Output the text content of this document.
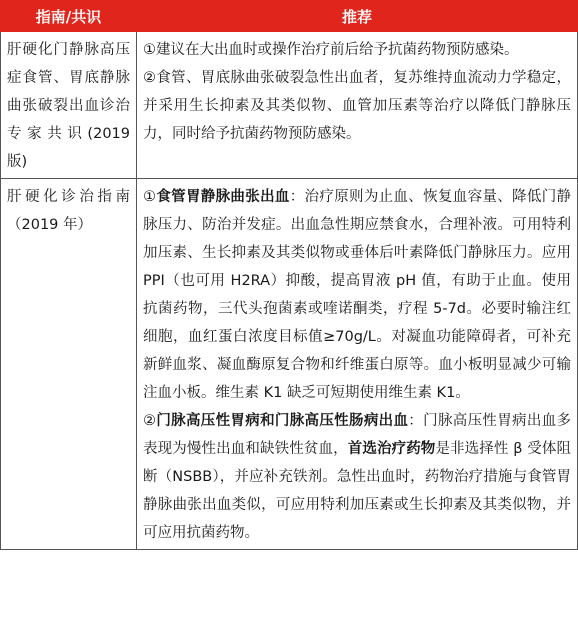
指南/共识	推荐
肝硬化门静脉高压症食管、胃底静脉曲张破裂出血诊治专家共识(2019 版)	①建议在大出血时或操作治疗前后给予抗菌药物预防感染。

②食管、胃底脉曲张破裂急性出血者，复苏维持血流动力学稳定，并采用生长抑素及其类似物、血管加压素等治疗以降低门静脉压力，同时给予抗菌药物预防感染。

肝硬化诊治指南（2019 年）	①食管胃静脉曲张出血：治疗原则为止血、恢复血容量、降低门静脉压力、防治并发症。出血急性期应禁食水，合理补液。可用特利加压素、生长抑素及其类似物或垂体后叶素降低门静脉压力。应用 PPI（也可用 H2RA）抑酸，提高胃液 pH 值，有助于止血。使用抗菌药物，三代头孢菌素或喹诺酮类，疗程 5-7d。必要时输注红细胞，血红蛋白浓度目标值≥70g/L。对凝血功能障碍者，可补充新鲜血浆、凝血酶原复合物和纤维蛋白原等。血小板明显减少可输注血小板。维生素 K1 缺乏可短期使用维生素 K1。

②门脉高压性胃病和门脉高压性肠病出血：门脉高压性胃病出血多表现为慢性出血和缺铁性贫血，首选治疗药物是非选择性 β 受体阻断（NSBB），并应补充铁剂。急性出血时，药物治疗措施与食管胃静脉曲张出血类似，可应用特利加压素或生长抑素及其类似物，并可应用抗菌药物。
